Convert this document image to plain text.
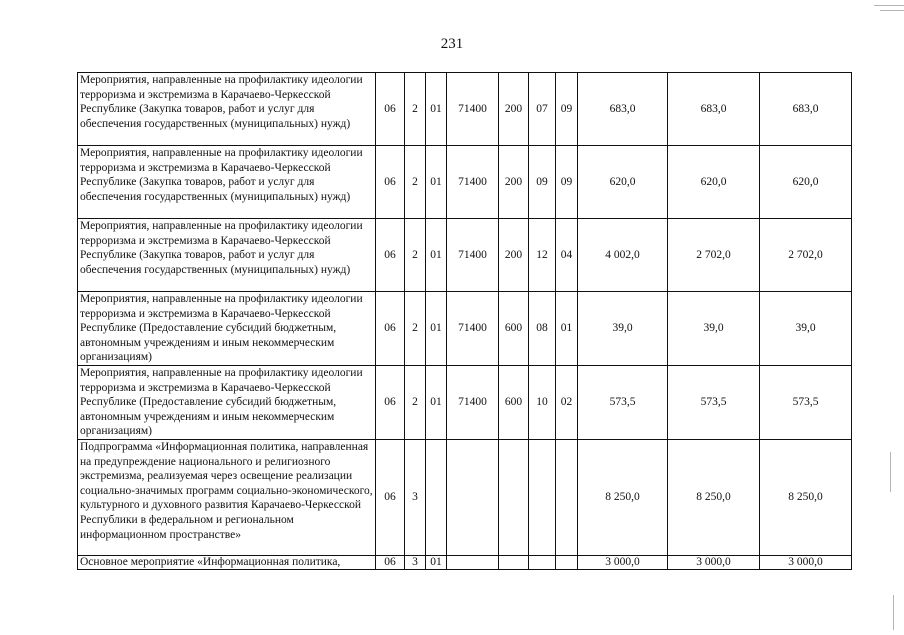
231
Мероприятия, направленные на профилактику идеологии терроризма и экстремизма в Карачаево-Черкесской Республике (Закупка товаров, работ и услуг для обеспечения государственных (муниципальных) нужд)	06	2	01	71400	200	07	09	683,0	683,0	683,0
Мероприятия, направленные на профилактику идеологии терроризма и экстремизма в Карачаево-Черкесской Республике (Закупка товаров, работ и услуг для обеспечения государственных (муниципальных) нужд)	06	2	01	71400	200	09	09	620,0	620,0	620,0
Мероприятия, направленные на профилактику идеологии терроризма и экстремизма в Карачаево-Черкесской Республике (Закупка товаров, работ и услуг для обеспечения государственных (муниципальных) нужд)	06	2	01	71400	200	12	04	4 002,0	2 702,0	2 702,0
Мероприятия, направленные на профилактику идеологии терроризма и экстремизма в Карачаево-Черкесской Республике (Предоставление субсидий бюджетным, автономным учреждениям и иным некоммерческим организациям)	06	2	01	71400	600	08	01	39,0	39,0	39,0
Мероприятия, направленные на профилактику идеологии терроризма и экстремизма в Карачаево-Черкесской Республике (Предоставление субсидий бюджетным, автономным учреждениям и иным некоммерческим организациям)	06	2	01	71400	600	10	02	573,5	573,5	573,5
Подпрограмма «Информационная политика, направленная на предупреждение национального и религиозного экстремизма, реализуемая через освещение реализации социально-значимых программ социально-экономического, культурного и духовного развития Карачаево-Черкесской Республики в федеральном и региональном информационном пространстве»	06	3						8 250,0	8 250,0	8 250,0
Основное мероприятие «Информационная политика,	06	3	01					3 000,0	3 000,0	3 000,0
